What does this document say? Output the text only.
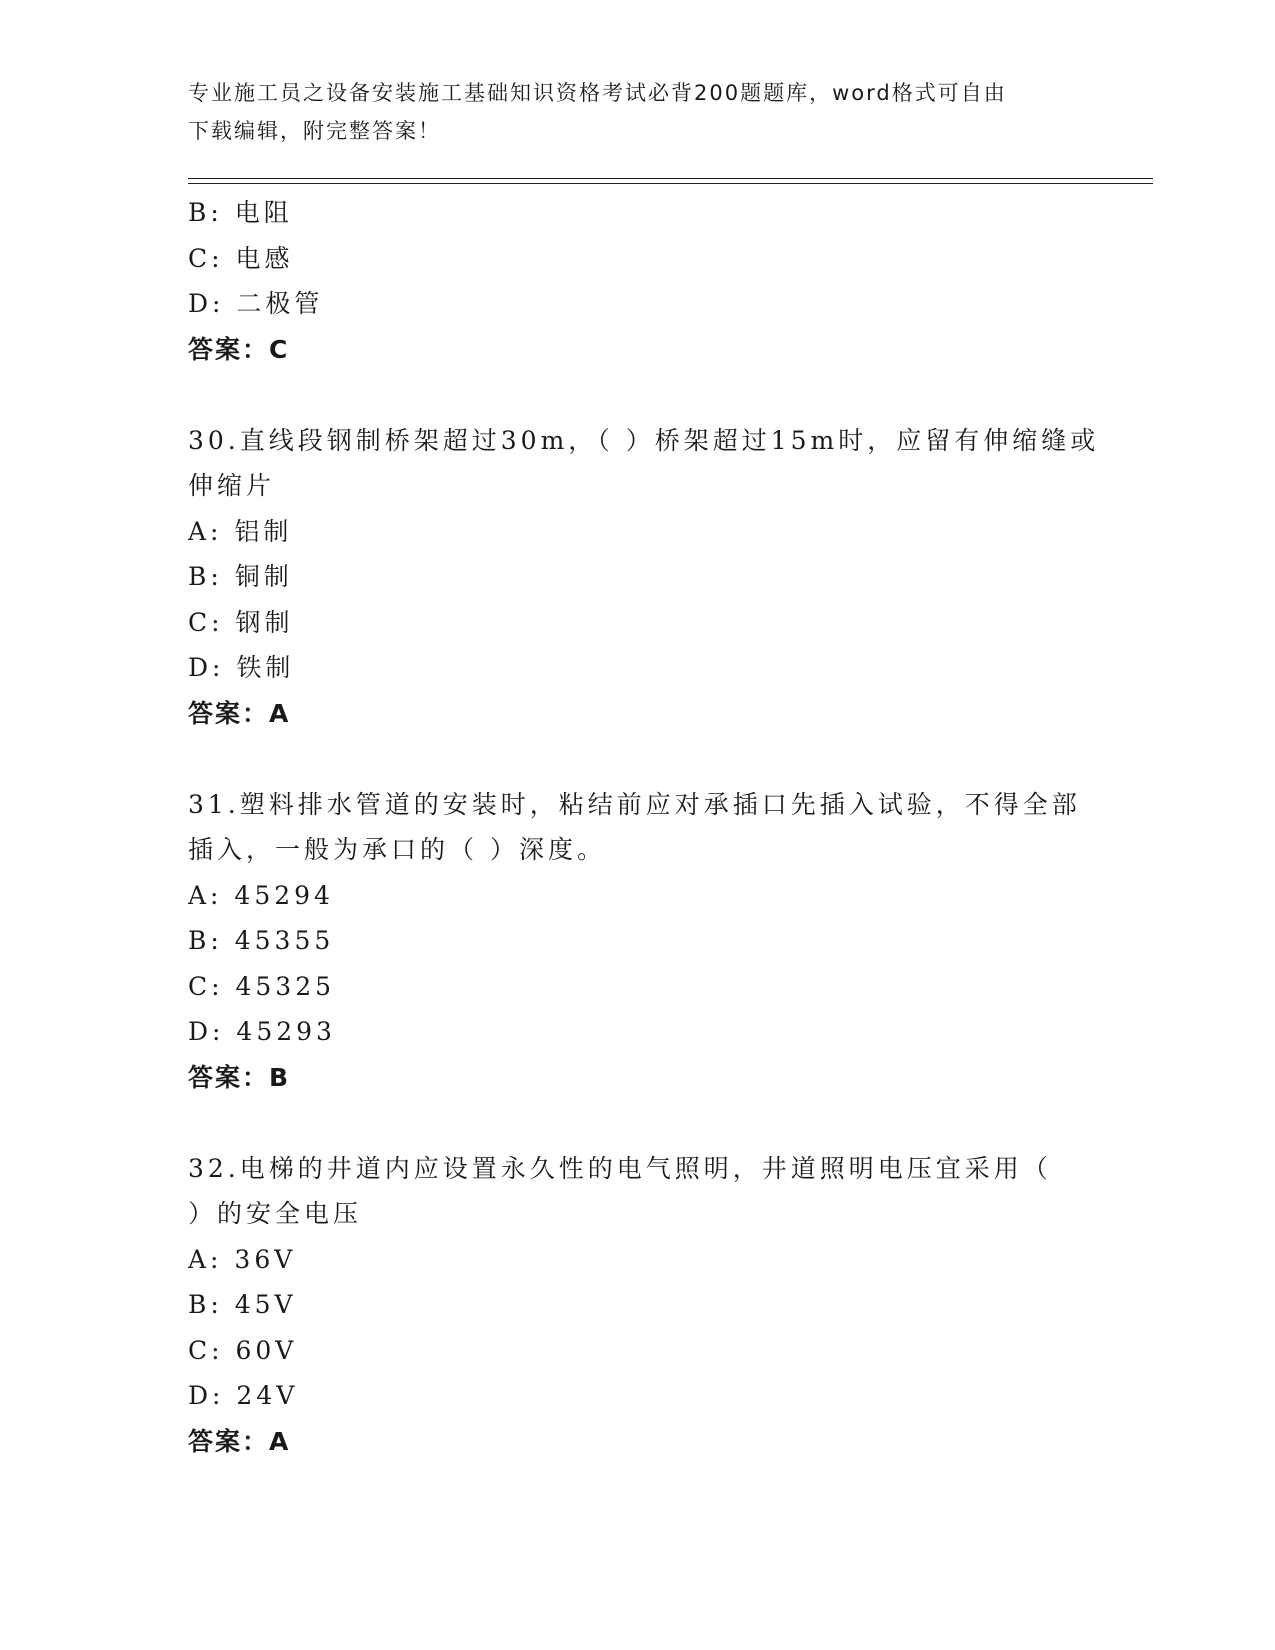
专业施工员之设备安装施工基础知识资格考试必背200题题库，word格式可自由
下载编辑，附完整答案！
B: 电阻
C: 电感
D: 二极管
答案：C
30.直线段钢制桥架超过30m，（ ）桥架超过15m时，应留有伸缩缝或
伸缩片
A: 铝制
B: 铜制
C: 钢制
D: 铁制
答案：A
31.塑料排水管道的安装时，粘结前应对承插口先插入试验，不得全部
插入，一般为承口的（ ）深度。
A: 45294
B: 45355
C: 45325
D: 45293
答案：B
32.电梯的井道内应设置永久性的电气照明，井道照明电压宜采用（
）的安全电压
A: 36V
B: 45V
C: 60V
D: 24V
答案：A
